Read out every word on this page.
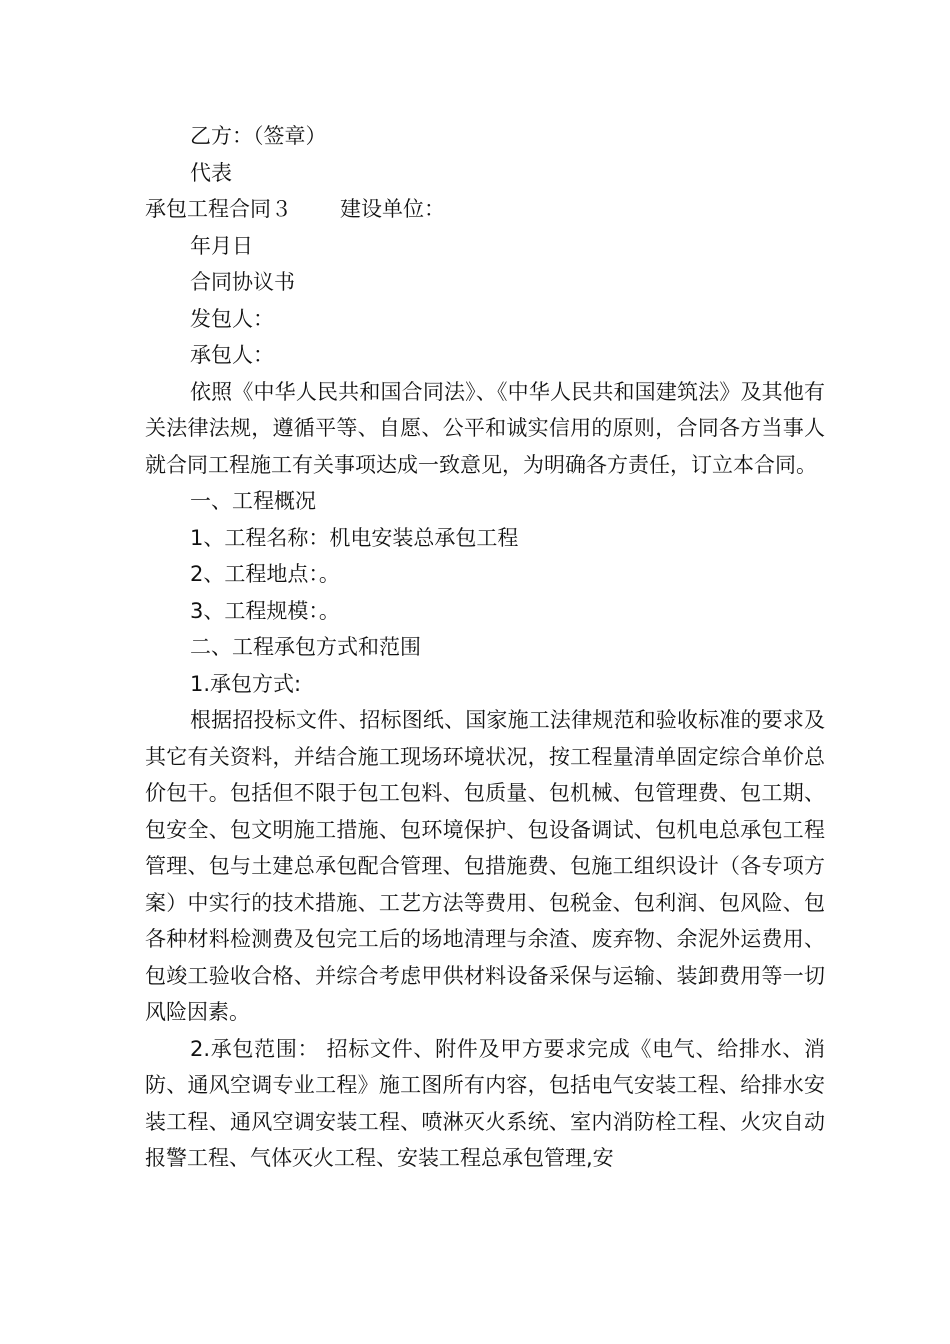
乙方：（签章）
代表
承包工程合同３ 建设单位：
年月日
合同协议书
发包人：
承包人：
依照《中华人民共和国合同法》、《中华人民共和国建筑法》及其他有关法律法规，遵循平等、自愿、公平和诚实信用的原则，合同各方当事人就合同工程施工有关事项达成一致意见，为明确各方责任，订立本合同。
一、工程概况
1、工程名称：机电安装总承包工程
2、工程地点：。
3、工程规模：。
二、工程承包方式和范围
1.承包方式:
根据招投标文件、招标图纸、国家施工法律规范和验收标准的要求及其它有关资料，并结合施工现场环境状况，按工程量清单固定综合单价总价包干。包括但不限于包工包料、包质量、包机械、包管理费、包工期、包安全、包文明施工措施、包环境保护、包设备调试、包机电总承包工程管理、包与土建总承包配合管理、包措施费、包施工组织设计（各专项方案）中实行的技术措施、工艺方法等费用、包税金、包利润、包风险、包各种材料检测费及包完工后的场地清理与余渣、废弃物、余泥外运费用、包竣工验收合格、并综合考虑甲供材料设备采保与运输、装卸费用等一切风险因素。
2.承包范围： 招标文件、附件及甲方要求完成《电气、给排水、消防、通风空调专业工程》施工图所有内容，包括电气安装工程、给排水安装工程、通风空调安装工程、喷淋灭火系统、室内消防栓工程、火灾自动报警工程、气体灭火工程、安装工程总承包管理,安
